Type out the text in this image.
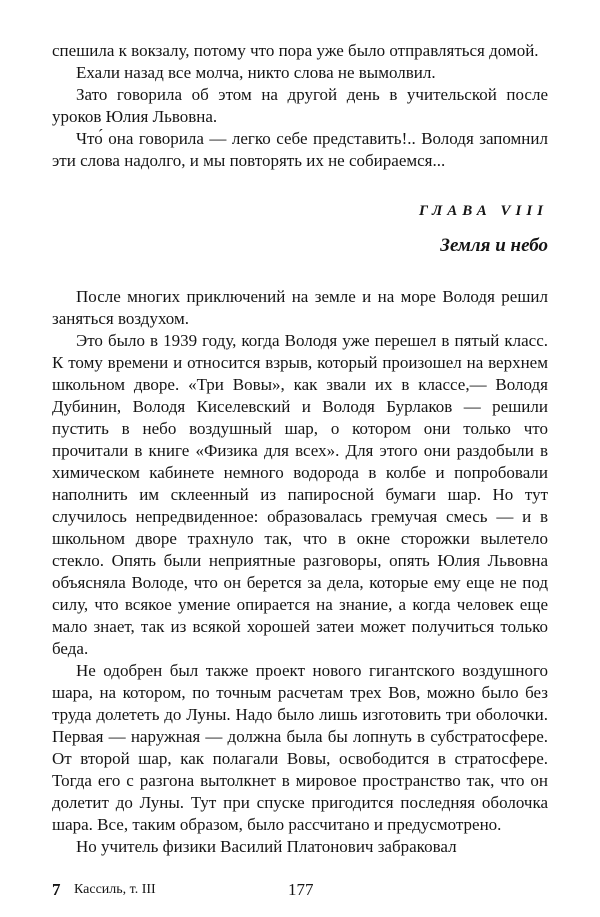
спешила к вокзалу, потому что пора уже было отправляться домой.

Ехали назад все молча, никто слова не вымолвил.

Зато говорила об этом на другой день в учительской после уроков Юлия Львовна.

Что́ она говорила — легко себе представить!.. Володя запомнил эти слова надолго, и мы повторять их не собираемся...

ГЛАВА VIII
Земля и небо

После многих приключений на земле и на море Володя решил заняться воздухом.

Это было в 1939 году, когда Володя уже перешел в пятый класс. К тому времени и относится взрыв, который произошел на верхнем школьном дворе. «Три Вовы», как звали их в классе,— Володя Дубинин, Володя Киселевский и Володя Бурлаков — решили пустить в небо воздушный шар, о котором они только что прочитали в книге «Физика для всех». Для этого они раздобыли в химическом кабинете немного водорода в колбе и попробовали наполнить им склеенный из папиросной бумаги шар. Но тут случилось непредвиденное: образовалась гремучая смесь — и в школьном дворе трахнуло так, что в окне сторожки вылетело стекло. Опять были неприятные разговоры, опять Юлия Львовна объясняла Володе, что он берется за дела, которые ему еще не под силу, что всякое умение опирается на знание, а когда человек еще мало знает, так из всякой хорошей затеи может получиться только беда.

Не одобрен был также проект нового гигантского воздушного шара, на котором, по точным расчетам трех Вов, можно было без труда долететь до Луны. Надо было лишь изготовить три оболочки. Первая — наружная — должна была бы лопнуть в субстратосфере. От второй шар, как полагали Вовы, освободится в стратосфере. Тогда его с разгона вытолкнет в мировое пространство так, что он долетит до Луны. Тут при спуске пригодится последняя оболочка шара. Все, таким образом, было рассчитано и предусмотрено.

Но учитель физики Василий Платонович забраковал

7 Кассиль, т. III	177
